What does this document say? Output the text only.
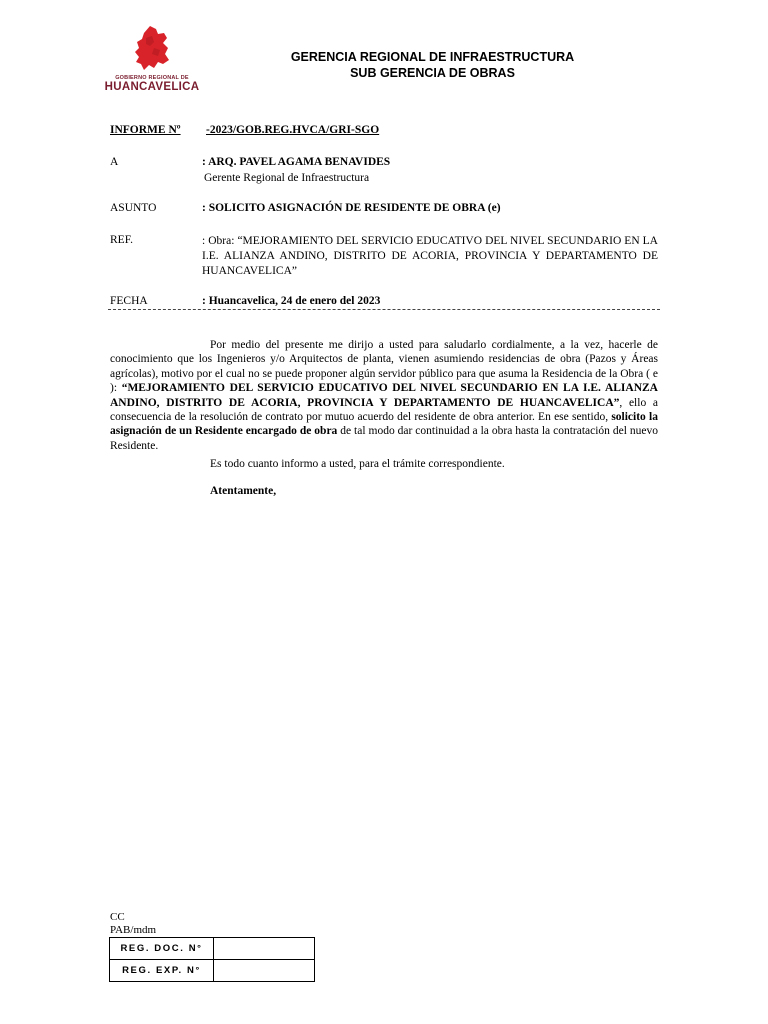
GOBIERNO REGIONAL DE
HUANCAVELICA
GERENCIA REGIONAL DE INFRAESTRUCTURA
SUB GERENCIA DE OBRAS
INFORME Nº -2023/GOB.REG.HVCA/GRI-SGO
A	: ARQ. PAVEL AGAMA BENAVIDES
Gerente Regional de Infraestructura
ASUNTO	: SOLICITO ASIGNACIÓN DE RESIDENTE DE OBRA (e)
REF.	: Obra: “MEJORAMIENTO DEL SERVICIO EDUCATIVO DEL NIVEL SECUNDARIO EN LA I.E. ALIANZA ANDINO, DISTRITO DE ACORIA, PROVINCIA Y DEPARTAMENTO DE HUANCAVELICA”
FECHA	: Huancavelica, 24 de enero del 2023
Por medio del presente me dirijo a usted para saludarlo cordialmente, a la vez, hacerle de conocimiento que los Ingenieros y/o Arquitectos de planta, vienen asumiendo residencias de obra (Pazos y Áreas agrícolas), motivo por el cual no se puede proponer algún servidor público para que asuma la Residencia de la Obra ( e ): “MEJORAMIENTO DEL SERVICIO EDUCATIVO DEL NIVEL SECUNDARIO EN LA I.E. ALIANZA ANDINO, DISTRITO DE ACORIA, PROVINCIA Y DEPARTAMENTO DE HUANCAVELICA”, ello a consecuencia de la resolución de contrato por mutuo acuerdo del residente de obra anterior. En ese sentido, solicito la asignación de un Residente encargado de obra de tal modo dar continuidad a la obra hasta la contratación del nuevo Residente.
Es todo cuanto informo a usted, para el trámite correspondiente.
Atentamente,
CC
PAB/mdm
REG. DOC. N°	
REG. EXP. N°	
